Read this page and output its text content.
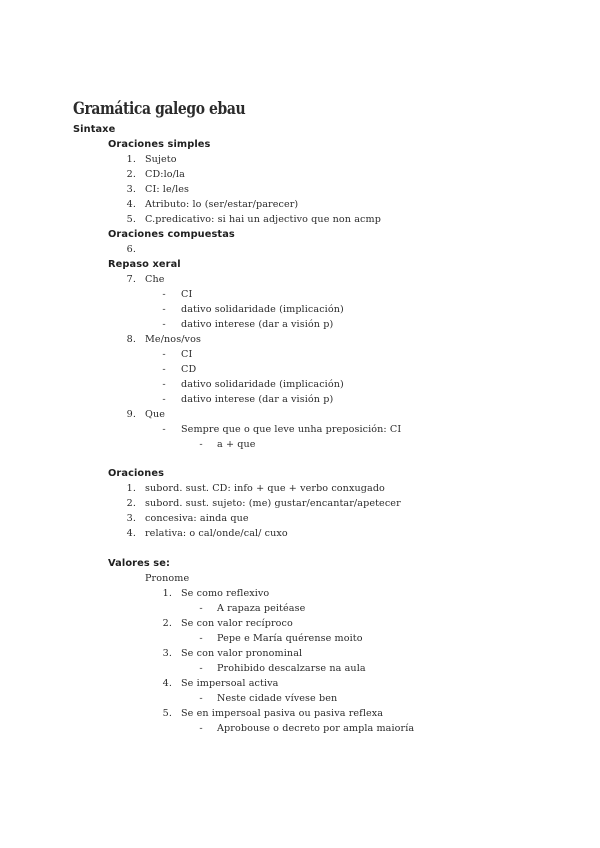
Gramática galego ebau
Sintaxe
Oraciones simples
1. Sujeto
2. CD:lo/la
3. CI: le/les
4. Atributo: lo (ser/estar/parecer)
5. C.predicativo: si hai un adjectivo que non acmp
Oraciones compuestas
6.
Repaso xeral
7. Che
- CI
- dativo solidaridade (implicación)
- dativo interese (dar a visión p)
8. Me/nos/vos
- CI
- CD
- dativo solidaridade (implicación)
- dativo interese (dar a visión p)
9. Que
- Sempre que o que leve unha preposición: CI
- a + que
Oraciones
1. subord. sust. CD: info + que + verbo conxugado
2. subord. sust. sujeto: (me) gustar/encantar/apetecer
3. concesiva: ainda que
4. relativa: o cal/onde/cal/ cuxo
Valores se:
Pronome
1. Se como reflexivo
- A rapaza peitéase
2. Se con valor recíproco
- Pepe e María quérense moito
3. Se con valor pronominal
- Prohibido descalzarse na aula
4. Se impersoal activa
- Neste cidade vívese ben
5. Se en impersoal pasiva ou pasiva reflexa
- Aprobouse o decreto por ampla maioría
